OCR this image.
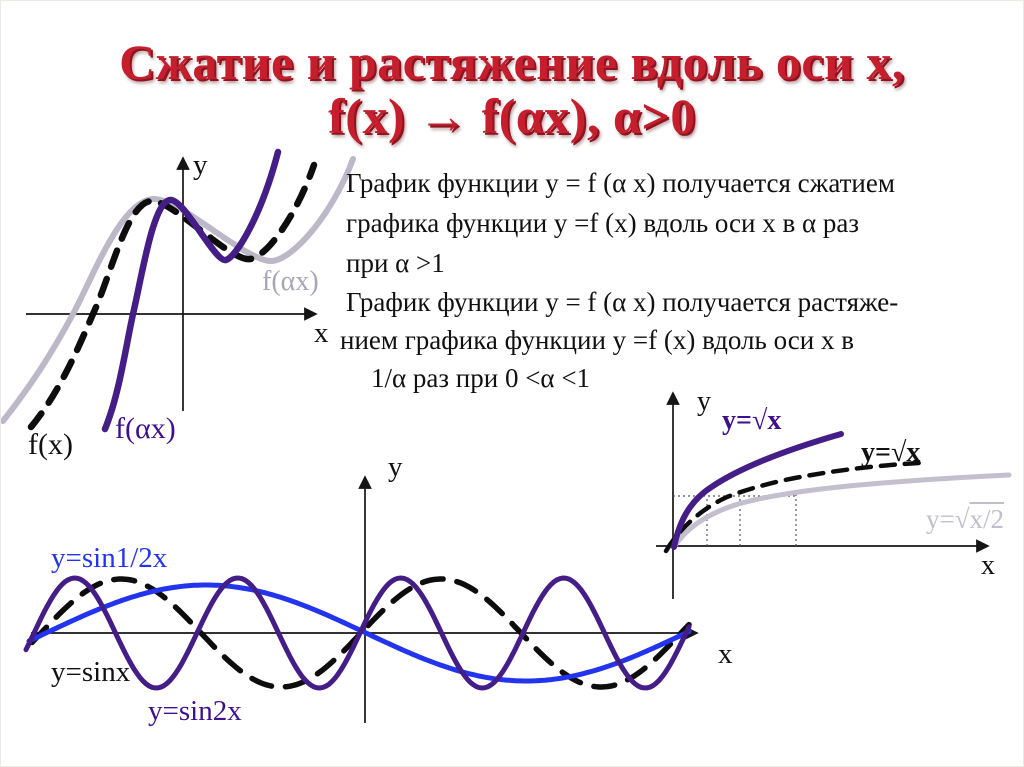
Сжатие и растяжение вдоль оси x,
f(x) → f(αx), α>0
График функции y = f (α x) получается сжатием
графика функции y =f (x) вдоль оси x в α раз
при α >1
График функции y = f (α x) получается растяже-
нием графика функции y =f (x) вдоль оси x в
1/α раз при 0 <α <1
y
x
f(αx)
f(x) f(αx)
y
x
y=√x
y=√x
y=√x/2
y
x
y=sin1/2x
y=sinx
y=sin2x
